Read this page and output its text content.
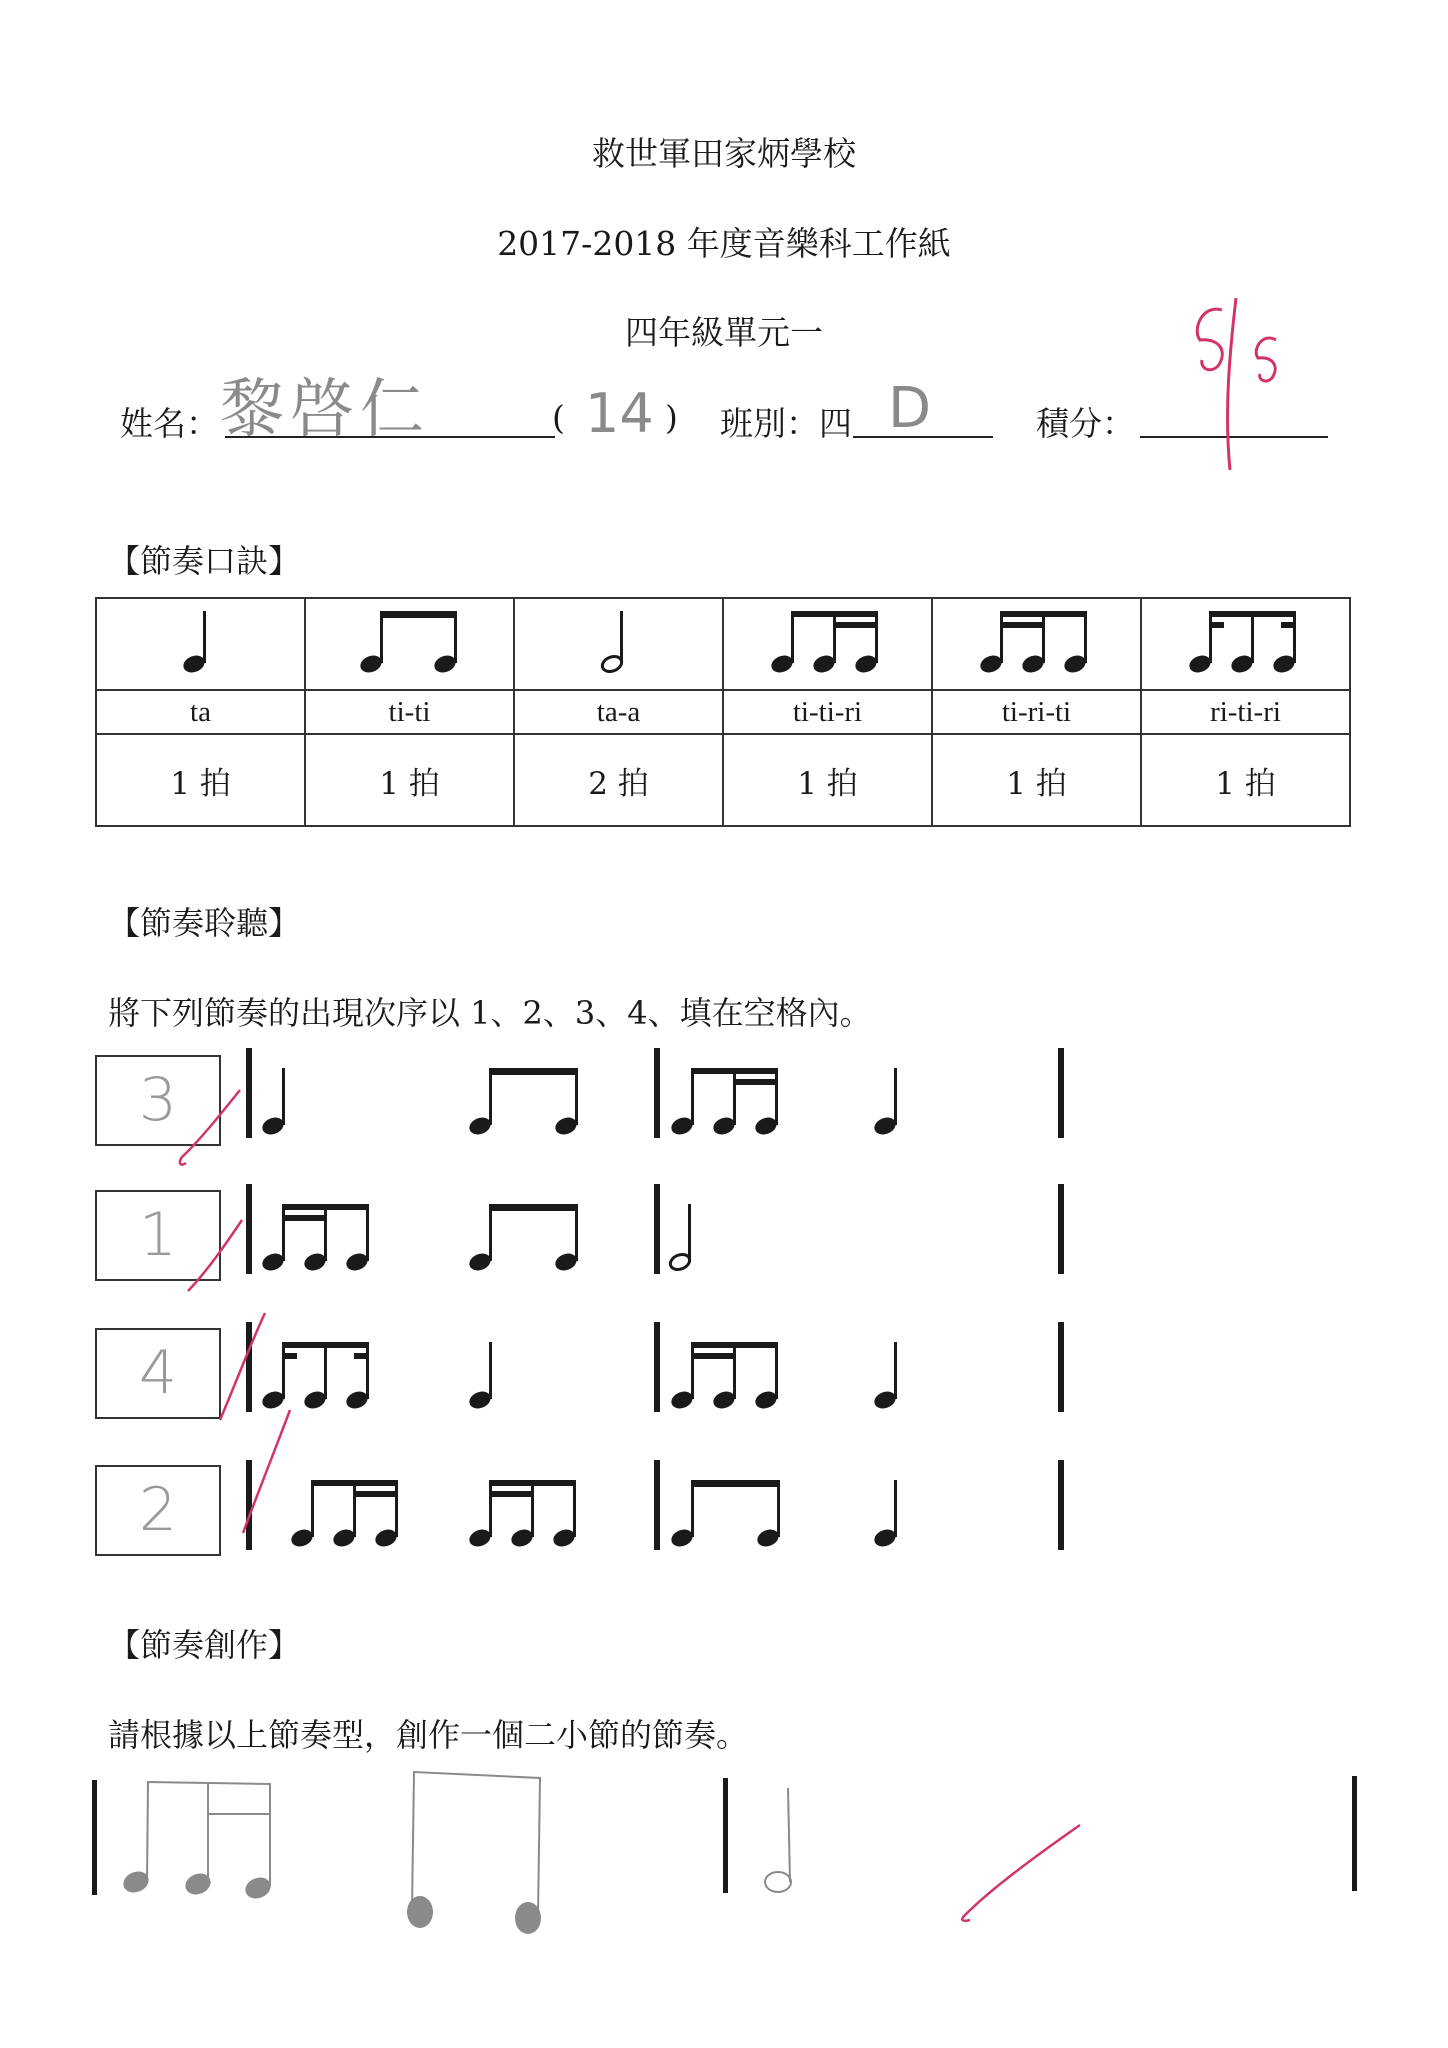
救世軍田家炳學校
2017-2018 年度音樂科工作紙
四年級單元一
姓名： 黎啓仁	( 14 ) 班別：四 D	積分：
【節奏口訣】

ta	ti-ti	ta-a	ti-ti-ri	ti-ri-ti	ri-ti-ri
1 拍	1 拍	2 拍	1 拍	1 拍	1 拍
【節奏聆聽】
將下列節奏的出現次序以 1、2、3、4、填在空格內。
3
1
4
2
【節奏創作】
請根據以上節奏型，創作一個二小節的節奏。
